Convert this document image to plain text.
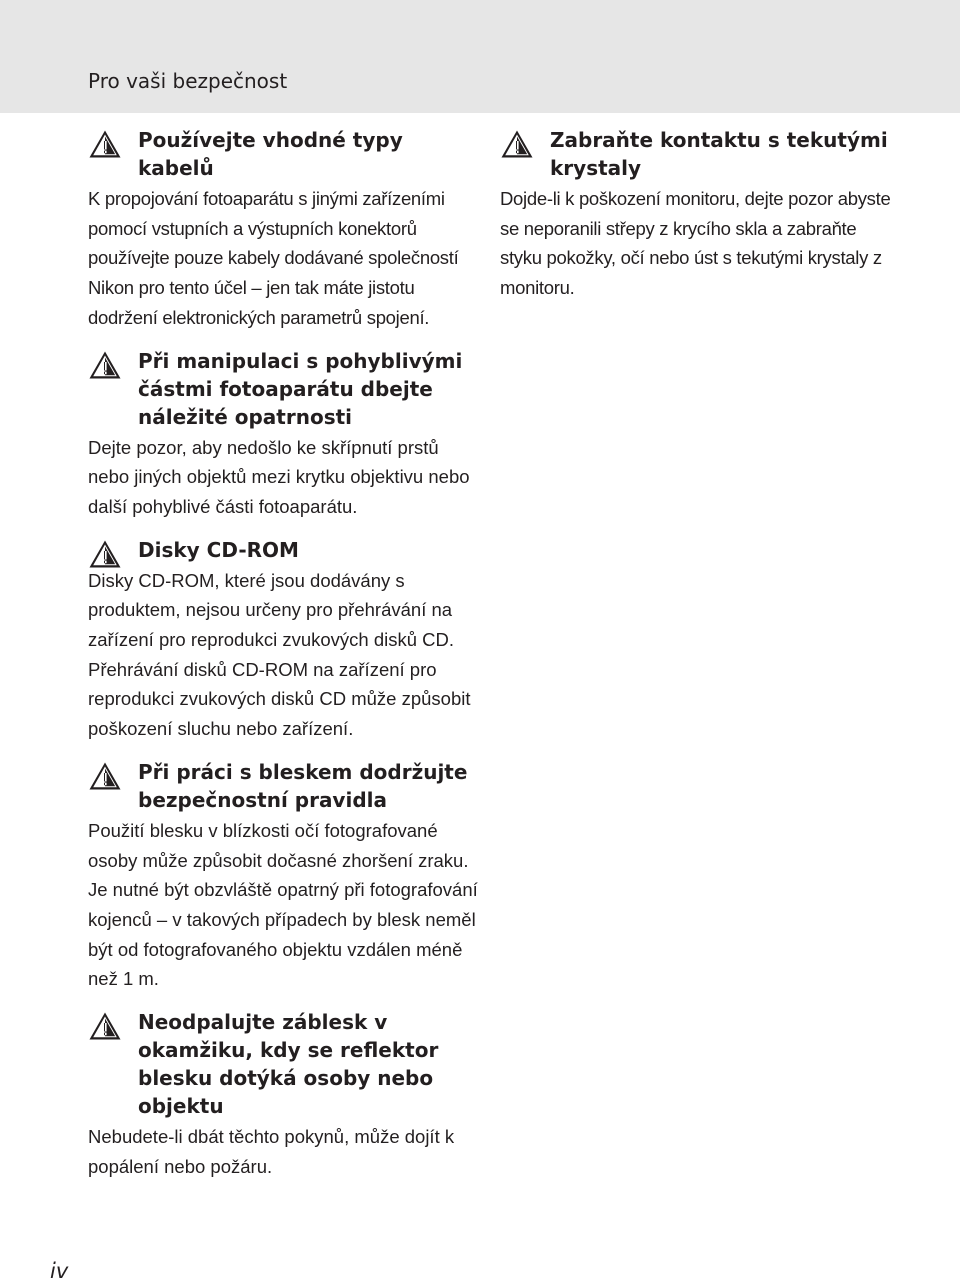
Pro vaši bezpečnost
Používejte vhodné typy kabelů

K propojování fotoaparátu s jinými zařízeními pomocí vstupních a výstupních konektorů používejte pouze kabely dodávané společností Nikon pro tento účel – jen tak máte jistotu dodržení elektronických parametrů spojení.

Při manipulaci s pohyblivými částmi fotoaparátu dbejte náležité opatrnosti

Dejte pozor, aby nedošlo ke skřípnutí prstů nebo jiných objektů mezi krytku objektivu nebo další pohyblivé části fotoaparátu.

Disky CD-ROM

Disky CD-ROM, které jsou dodávány s produktem, nejsou určeny pro přehrávání na zařízení pro reprodukci zvukových disků CD. Přehrávání disků CD-ROM na zařízení pro reprodukci zvukových disků CD může způsobit poškození sluchu nebo zařízení.

Při práci s bleskem dodržujte bezpečnostní pravidla

Použití blesku v blízkosti očí fotografované osoby může způsobit dočasné zhoršení zraku. Je nutné být obzvláště opatrný při fotografování kojenců – v takových případech by blesk neměl být od fotografovaného objektu vzdálen méně než 1 m.

Neodpalujte záblesk v okamžiku, kdy se reflektor blesku dotýká osoby nebo objektu

Nebudete-li dbát těchto pokynů, může dojít k popálení nebo požáru.

Zabraňte kontaktu s tekutými krystaly

Dojde-li k poškození monitoru, dejte pozor abyste se neporanili střepy z krycího skla a zabraňte styku pokožky, očí nebo úst s tekutými krystaly z monitoru.

iv
